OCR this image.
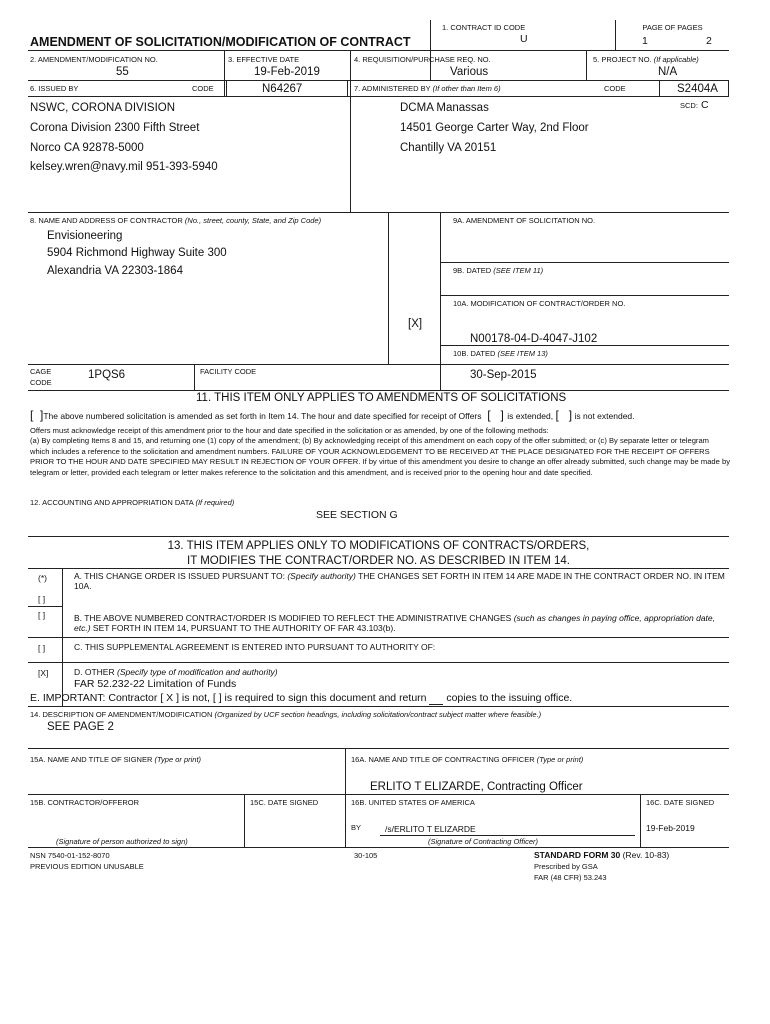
AMENDMENT OF SOLICITATION/MODIFICATION OF CONTRACT
1. CONTRACT ID CODE
U
PAGE OF PAGES
1	2
2. AMENDMENT/MODIFICATION NO.
55
3. EFFECTIVE DATE
19-Feb-2019
4. REQUISITION/PURCHASE REQ. NO.
Various
5. PROJECT NO. (If applicable)
N/A
6. ISSUED BY	CODE	N64267	7. ADMINISTERED BY (If other than Item 6)	CODE	S2404A
SCD: C
NSWC, CORONA DIVISION
Corona Division 2300 Fifth Street
Norco CA 92878-5000
kelsey.wren@navy.mil 951-393-5940
DCMA Manassas
14501 George Carter Way, 2nd Floor
Chantilly VA 20151
8. NAME AND ADDRESS OF CONTRACTOR (No., street, county, State, and Zip Code)
Envisioneering
5904 Richmond Highway Suite 300
Alexandria VA 22303-1864
9A. AMENDMENT OF SOLICITATION NO.
9B. DATED (SEE ITEM 11)
10A. MODIFICATION OF CONTRACT/ORDER NO.
[X]
N00178-04-D-4047-J102
10B. DATED (SEE ITEM 13)
30-Sep-2015
CAGE
CODE
1PQS6	FACILITY CODE
11. THIS ITEM ONLY APPLIES TO AMENDMENTS OF SOLICITATIONS
[  ]The above numbered solicitation is amended as set forth in Item 14. The hour and date specified for receipt of Offers  [   ] is extended, [   ] is not extended.
Offers must acknowledge receipt of this amendment prior to the hour and date specified in the solicitation or as amended, by one of the following methods:
(a) By completing Items 8 and 15, and returning one (1) copy of the amendment; (b) By acknowledging receipt of this amendment on each copy of the offer submitted; or (c) By separate letter or telegram which includes a reference to the solicitation and amendment numbers. FAILURE OF YOUR ACKNOWLEDGEMENT TO BE RECEIVED AT THE PLACE DESIGNATED FOR THE RECEIPT OF OFFERS PRIOR TO THE HOUR AND DATE SPECIFIED MAY RESULT IN REJECTION OF YOUR OFFER. If by virtue of this amendment you desire to change an offer already submitted, such change may be made by telegram or letter, provided each telegram or letter makes reference to the solicitation and this amendment, and is received prior to the opening hour and date specified.
12. ACCOUNTING AND APPROPRIATION DATA (If required)
SEE SECTION G
13. THIS ITEM APPLIES ONLY TO MODIFICATIONS OF CONTRACTS/ORDERS,
IT MODIFIES THE CONTRACT/ORDER NO. AS DESCRIBED IN ITEM 14.
(*)	A. THIS CHANGE ORDER IS ISSUED PURSUANT TO: (Specify authority) THE CHANGES SET FORTH IN ITEM 14 ARE MADE IN THE CONTRACT ORDER NO. IN ITEM 10A.
[ ]
[ ]	B. THE ABOVE NUMBERED CONTRACT/ORDER IS MODIFIED TO REFLECT THE ADMINISTRATIVE CHANGES (such as changes in paying office, appropriation date, etc.) SET FORTH IN ITEM 14, PURSUANT TO THE AUTHORITY OF FAR 43.103(b).
[ ]	C. THIS SUPPLEMENTAL AGREEMENT IS ENTERED INTO PURSUANT TO AUTHORITY OF:
[X]	D. OTHER (Specify type of modification and authority)
FAR 52.232-22 Limitation of Funds
E. IMPORTANT: Contractor [ X ] is not, [ ] is required to sign this document and return copies to the issuing office.
14. DESCRIPTION OF AMENDMENT/MODIFICATION (Organized by UCF section headings, including solicitation/contract subject matter where feasible.)
SEE PAGE 2
15A. NAME AND TITLE OF SIGNER (Type or print)	16A. NAME AND TITLE OF CONTRACTING OFFICER (Type or print)
ERLITO T ELIZARDE, Contracting Officer
15B. CONTRACTOR/OFFEROR	15C. DATE SIGNED	16B. UNITED STATES OF AMERICA	16C. DATE SIGNED
BY	/s/ERLITO T ELIZARDE	19-Feb-2019
(Signature of person authorized to sign)	(Signature of Contracting Officer)
NSN 7540-01-152-8070
PREVIOUS EDITION UNUSABLE
30-105	STANDARD FORM 30 (Rev. 10-83)
Prescribed by GSA
FAR (48 CFR) 53.243
